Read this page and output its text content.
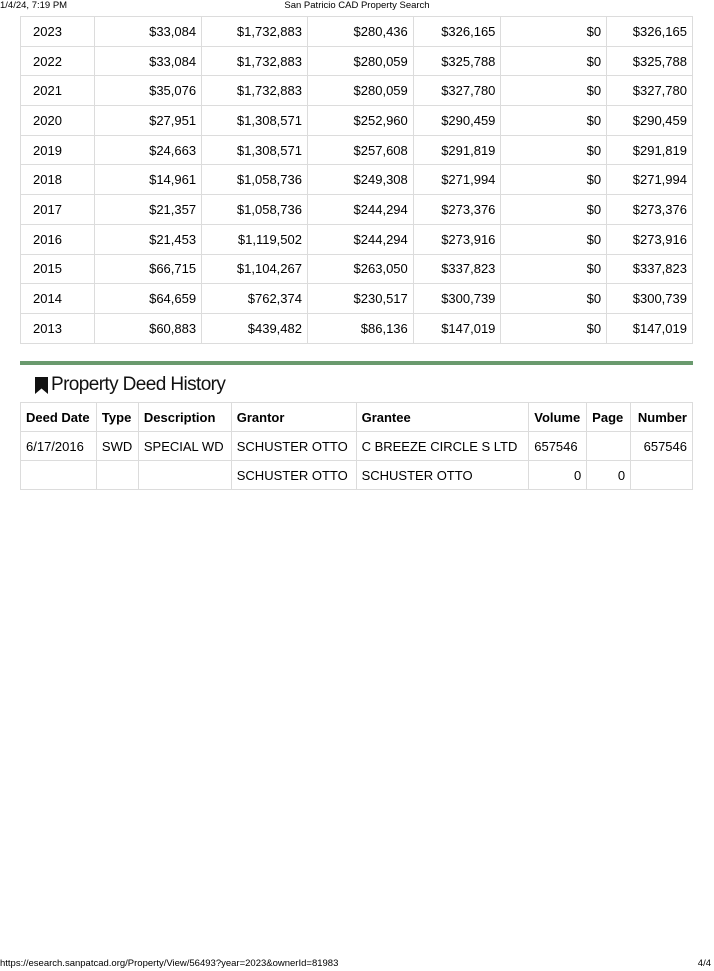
1/4/24, 7:19 PM	San Patricio CAD Property Search
2023	$33,084	$1,732,883	$280,436	$326,165	$0	$326,165
2022	$33,084	$1,732,883	$280,059	$325,788	$0	$325,788
2021	$35,076	$1,732,883	$280,059	$327,780	$0	$327,780
2020	$27,951	$1,308,571	$252,960	$290,459	$0	$290,459
2019	$24,663	$1,308,571	$257,608	$291,819	$0	$291,819
2018	$14,961	$1,058,736	$249,308	$271,994	$0	$271,994
2017	$21,357	$1,058,736	$244,294	$273,376	$0	$273,376
2016	$21,453	$1,119,502	$244,294	$273,916	$0	$273,916
2015	$66,715	$1,104,267	$263,050	$337,823	$0	$337,823
2014	$64,659	$762,374	$230,517	$300,739	$0	$300,739
2013	$60,883	$439,482	$86,136	$147,019	$0	$147,019
Property Deed History
Deed Date	Type	Description	Grantor	Grantee	Volume	Page	Number
6/17/2016	SWD	SPECIAL WD	SCHUSTER OTTO	C BREEZE CIRCLE S LTD	657546		657546
			SCHUSTER OTTO	SCHUSTER OTTO	0	0	
https://esearch.sanpatcad.org/Property/View/56493?year=2023&ownerId=81983	4/4
